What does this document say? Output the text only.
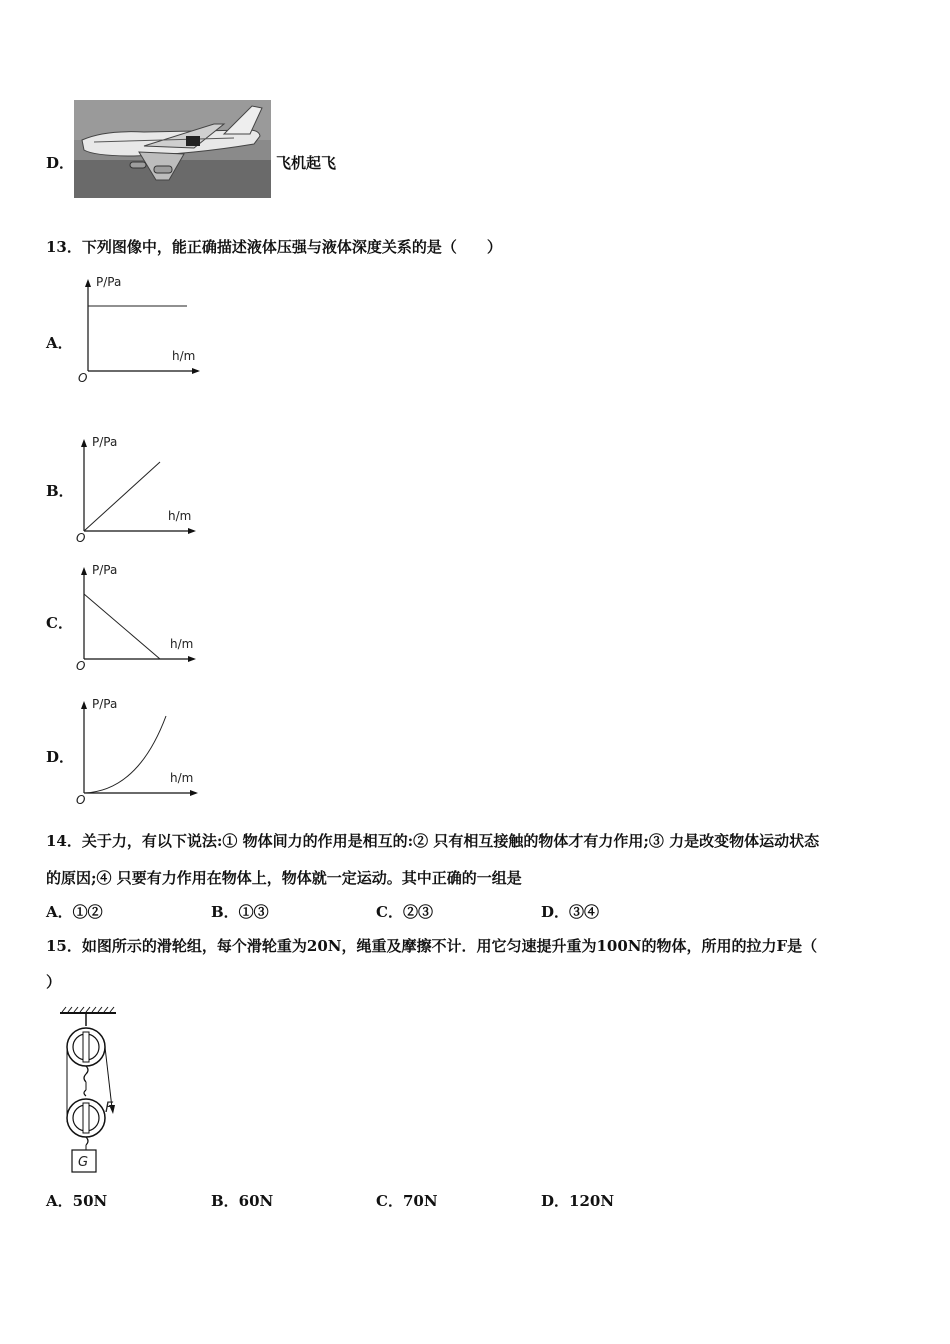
D．	飞机起飞
13．下列图像中，能正确描述液体压强与液体深度关系的是（　　）
A．
P/Pa
h/m
O
B．
P/Pa
h/m
O
C．
P/Pa
h/m
O
D．
P/Pa
h/m
O
14．关于力，有以下说法:① 物体间力的作用是相互的:② 只有相互接触的物体才有力作用;③ 力是改变物体运动状态
的原因;④ 只要有力作用在物体上，物体就一定运动。其中正确的一组是
A．①②	B．①③	C．②③	D．③④
15．如图所示的滑轮组，每个滑轮重为20N，绳重及摩擦不计．用它匀速提升重为100N的物体，所用的拉力F是（
）
G
F
A．50N	B．60N	C．70N	D．120N
